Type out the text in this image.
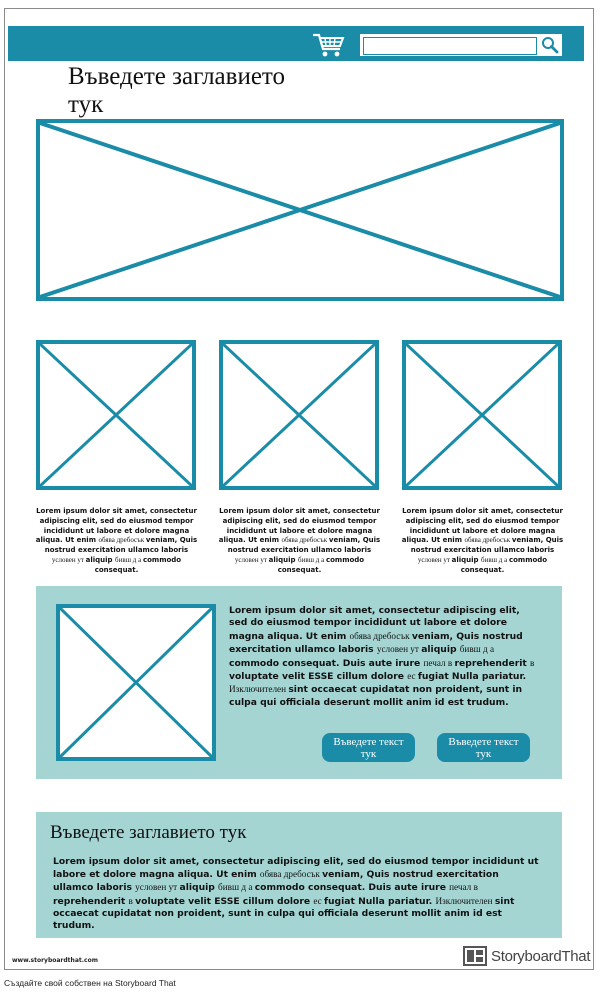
Въведете заглавието тук
Lorem ipsum dolor sit amet, consectetur adipiscing elit, sed do eiusmod tempor incididunt ut labore et dolore magna aliqua. Ut enim обява дребосък veniam, Quis nostrud exercitation ullamco laboris условен ут aliquip бивш д а commodo consequat.
Lorem ipsum dolor sit amet, consectetur adipiscing elit, sed do eiusmod tempor incididunt ut labore et dolore magna aliqua. Ut enim обява дребосък veniam, Quis nostrud exercitation ullamco laboris условен ут aliquip бивш д а commodo consequat.
Lorem ipsum dolor sit amet, consectetur adipiscing elit, sed do eiusmod tempor incididunt ut labore et dolore magna aliqua. Ut enim обява дребосък veniam, Quis nostrud exercitation ullamco laboris условен ут aliquip бивш д а commodo consequat.
Lorem ipsum dolor sit amet, consectetur adipiscing elit, sed do eiusmod tempor incididunt ut labore et dolore magna aliqua. Ut enim обява дребосък veniam, Quis nostrud exercitation ullamco laboris условен ут aliquip бивш д а commodo consequat. Duis aute irure печал в reprehenderit в voluptate velit ESSE cillum dolore ес fugiat Nulla pariatur. Изключителен sint occaecat cupidatat non proident, sunt in culpa qui officiala deserunt mollit anim id est trudum.
Въведете текст тук
Въведете текст тук
Въведете заглавието тук
Lorem ipsum dolor sit amet, consectetur adipiscing elit, sed do eiusmod tempor incididunt ut labore et dolore magna aliqua. Ut enim обява дребосък veniam, Quis nostrud exercitation ullamco laboris условен ут aliquip бивш д а commodo consequat. Duis aute irure печал в reprehenderit в voluptate velit ESSE cillum dolore ес fugiat Nulla pariatur. Изключителен sint occaecat cupidatat non proident, sunt in culpa qui officiala deserunt mollit anim id est trudum.
www.storyboardthat.com	StoryboardThat
Създайте свой собствен на Storyboard That
